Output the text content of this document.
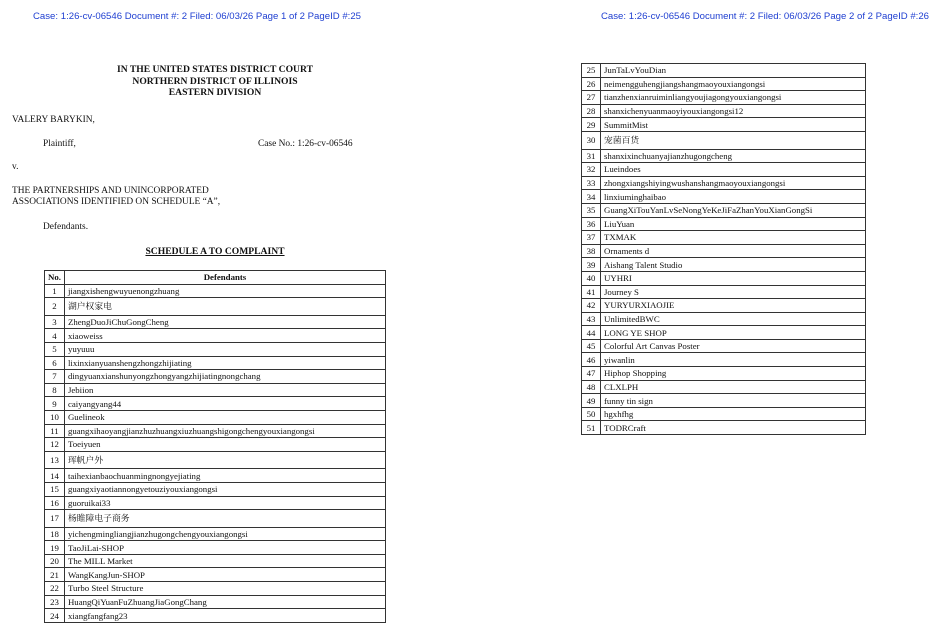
Case: 1:26-cv-06546 Document #: 2 Filed: 06/03/26 Page 1 of 2 PageID #:25
IN THE UNITED STATES DISTRICT COURT
NORTHERN DISTRICT OF ILLINOIS
EASTERN DIVISION
VALERY BARYKIN,
Plaintiff,	Case No.: 1:26-cv-06546
v.
THE PARTNERSHIPS AND UNINCORPORATED
ASSOCIATIONS IDENTIFIED ON SCHEDULE “A”,
Defendants.
SCHEDULE A TO COMPLAINT
Case: 1:26-cv-06546 Document #: 2 Filed: 06/03/26 Page 2 of 2 PageID #:26
No.	Defendants
1	jiangxishengwuyuenongzhuang
2	湖户权家电
3	ZhengDuoJiChuGongCheng
4	xiaoweiss
5	yuyuuu
6	lixinxianyuanshengzhongzhijiating
7	dingyuanxianshunyongzhongyangzhijiatingnongchang
8	Jebiion
9	caiyangyang44
10	Guelineok
11	guangxihaoyangjianzhuzhuangxiuzhuangshigongchengyouxiangongsi
12	Toeiyuen
13	珲帆户外
14	taihexianbaochuanmingnongyejiating
15	guangxiyaotiannongyetouziyouxiangongsi
16	guoruikai33
17	杨睢障电子商务
18	yichengmingliangjianzhugongchengyouxiangongsi
19	TaoJiLai-SHOP
20	The MILL Market
21	WangKangJun-SHOP
22	Turbo Steel Structure
23	HuangQiYuanFuZhuangJiaGongChang
24	xiangfangfang23
25	JunTaLvYouDian
26	neimengguhengjiangshangmaoyouxiangongsi
27	tianzhenxianruiminliangyoujiagongyouxiangongsi
28	shanxichenyuanmaoyiyouxiangongsi12
29	SummitMist
30	宠菌百货
31	shanxixinchuanyajianzhugongcheng
32	Lueindoes
33	zhongxiangshiyingwushanshangmaoyouxiangongsi
34	linxiuminghaibao
35	GuangXiTouYanLvSeNongYeKeJiFaZhanYouXianGongSi
36	LiuYuan
37	TXMAK
38	Ornaments d
39	Aishang Talent Studio
40	UYHRI
41	Journey S
42	YURYURXIAOJIE
43	UnlimitedBWC
44	LONG YE SHOP
45	Colorful Art Canvas Poster
46	yiwanlin
47	Hiphop Shopping
48	CLXLPH
49	funny tin sign
50	hgxhfhg
51	TODRCraft
